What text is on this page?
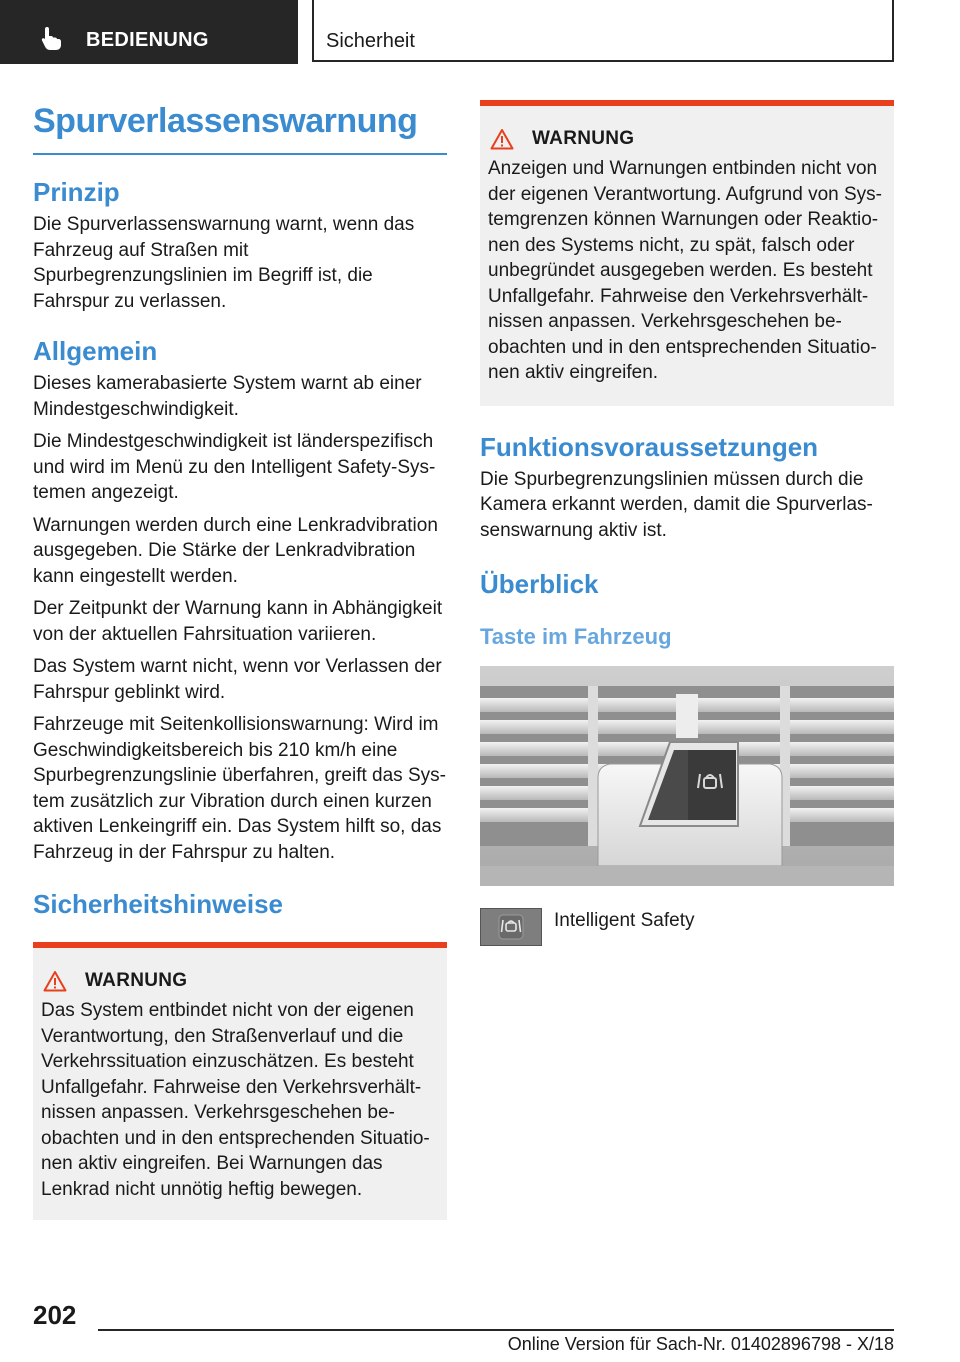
BEDIENUNG	Sicherheit
Spurverlassenswarnung
Prinzip

Die Spurverlassenswarnung warnt, wenn das Fahrzeug auf Straßen mit Spurbegrenzungslinien im Begriff ist, die Fahrspur zu verlassen.

Allgemein

Dieses kamerabasierte System warnt ab einer Mindestgeschwindigkeit.

Die Mindestgeschwindigkeit ist länderspezifisch und wird im Menü zu den Intelligent Safety-Systemen angezeigt.

Warnungen werden durch eine Lenkradvibration ausgegeben. Die Stärke der Lenkradvibration kann eingestellt werden.

Der Zeitpunkt der Warnung kann in Abhängigkeit von der aktuellen Fahrsituation variieren.

Das System warnt nicht, wenn vor Verlassen der Fahrspur geblinkt wird.

Fahrzeuge mit Seitenkollisionswarnung: Wird im Geschwindigkeitsbereich bis 210 km/h eine Spurbegrenzungslinie überfahren, greift das System zusätzlich zur Vibration durch einen kurzen aktiven Lenkeingriff ein. Das System hilft so, das Fahrzeug in der Fahrspur zu halten.

Sicherheitshinweise
WARNUNG

Das System entbindet nicht von der eigenen Verantwortung, den Straßenverlauf und die Verkehrssituation einzuschätzen. Es besteht Unfallgefahr. Fahrweise den Verkehrsverhältnissen anpassen. Verkehrsgeschehen beobachten und in den entsprechenden Situationen aktiv eingreifen. Bei Warnungen das Lenkrad nicht unnötig heftig bewegen.

WARNUNG

Anzeigen und Warnungen entbinden nicht von der eigenen Verantwortung. Aufgrund von Systemgrenzen können Warnungen oder Reaktionen des Systems nicht, zu spät, falsch oder unbegründet ausgegeben werden. Es besteht Unfallgefahr. Fahrweise den Verkehrsverhältnissen anpassen. Verkehrsgeschehen beobachten und in den entsprechenden Situationen aktiv eingreifen.

Funktionsvoraussetzungen

Die Spurbegrenzungslinien müssen durch die Kamera erkannt werden, damit die Spurverlassenswarnung aktiv ist.

Überblick
Taste im Fahrzeug

Intelligent Safety

202
Online Version für Sach-Nr. 01402896798 - X/18
